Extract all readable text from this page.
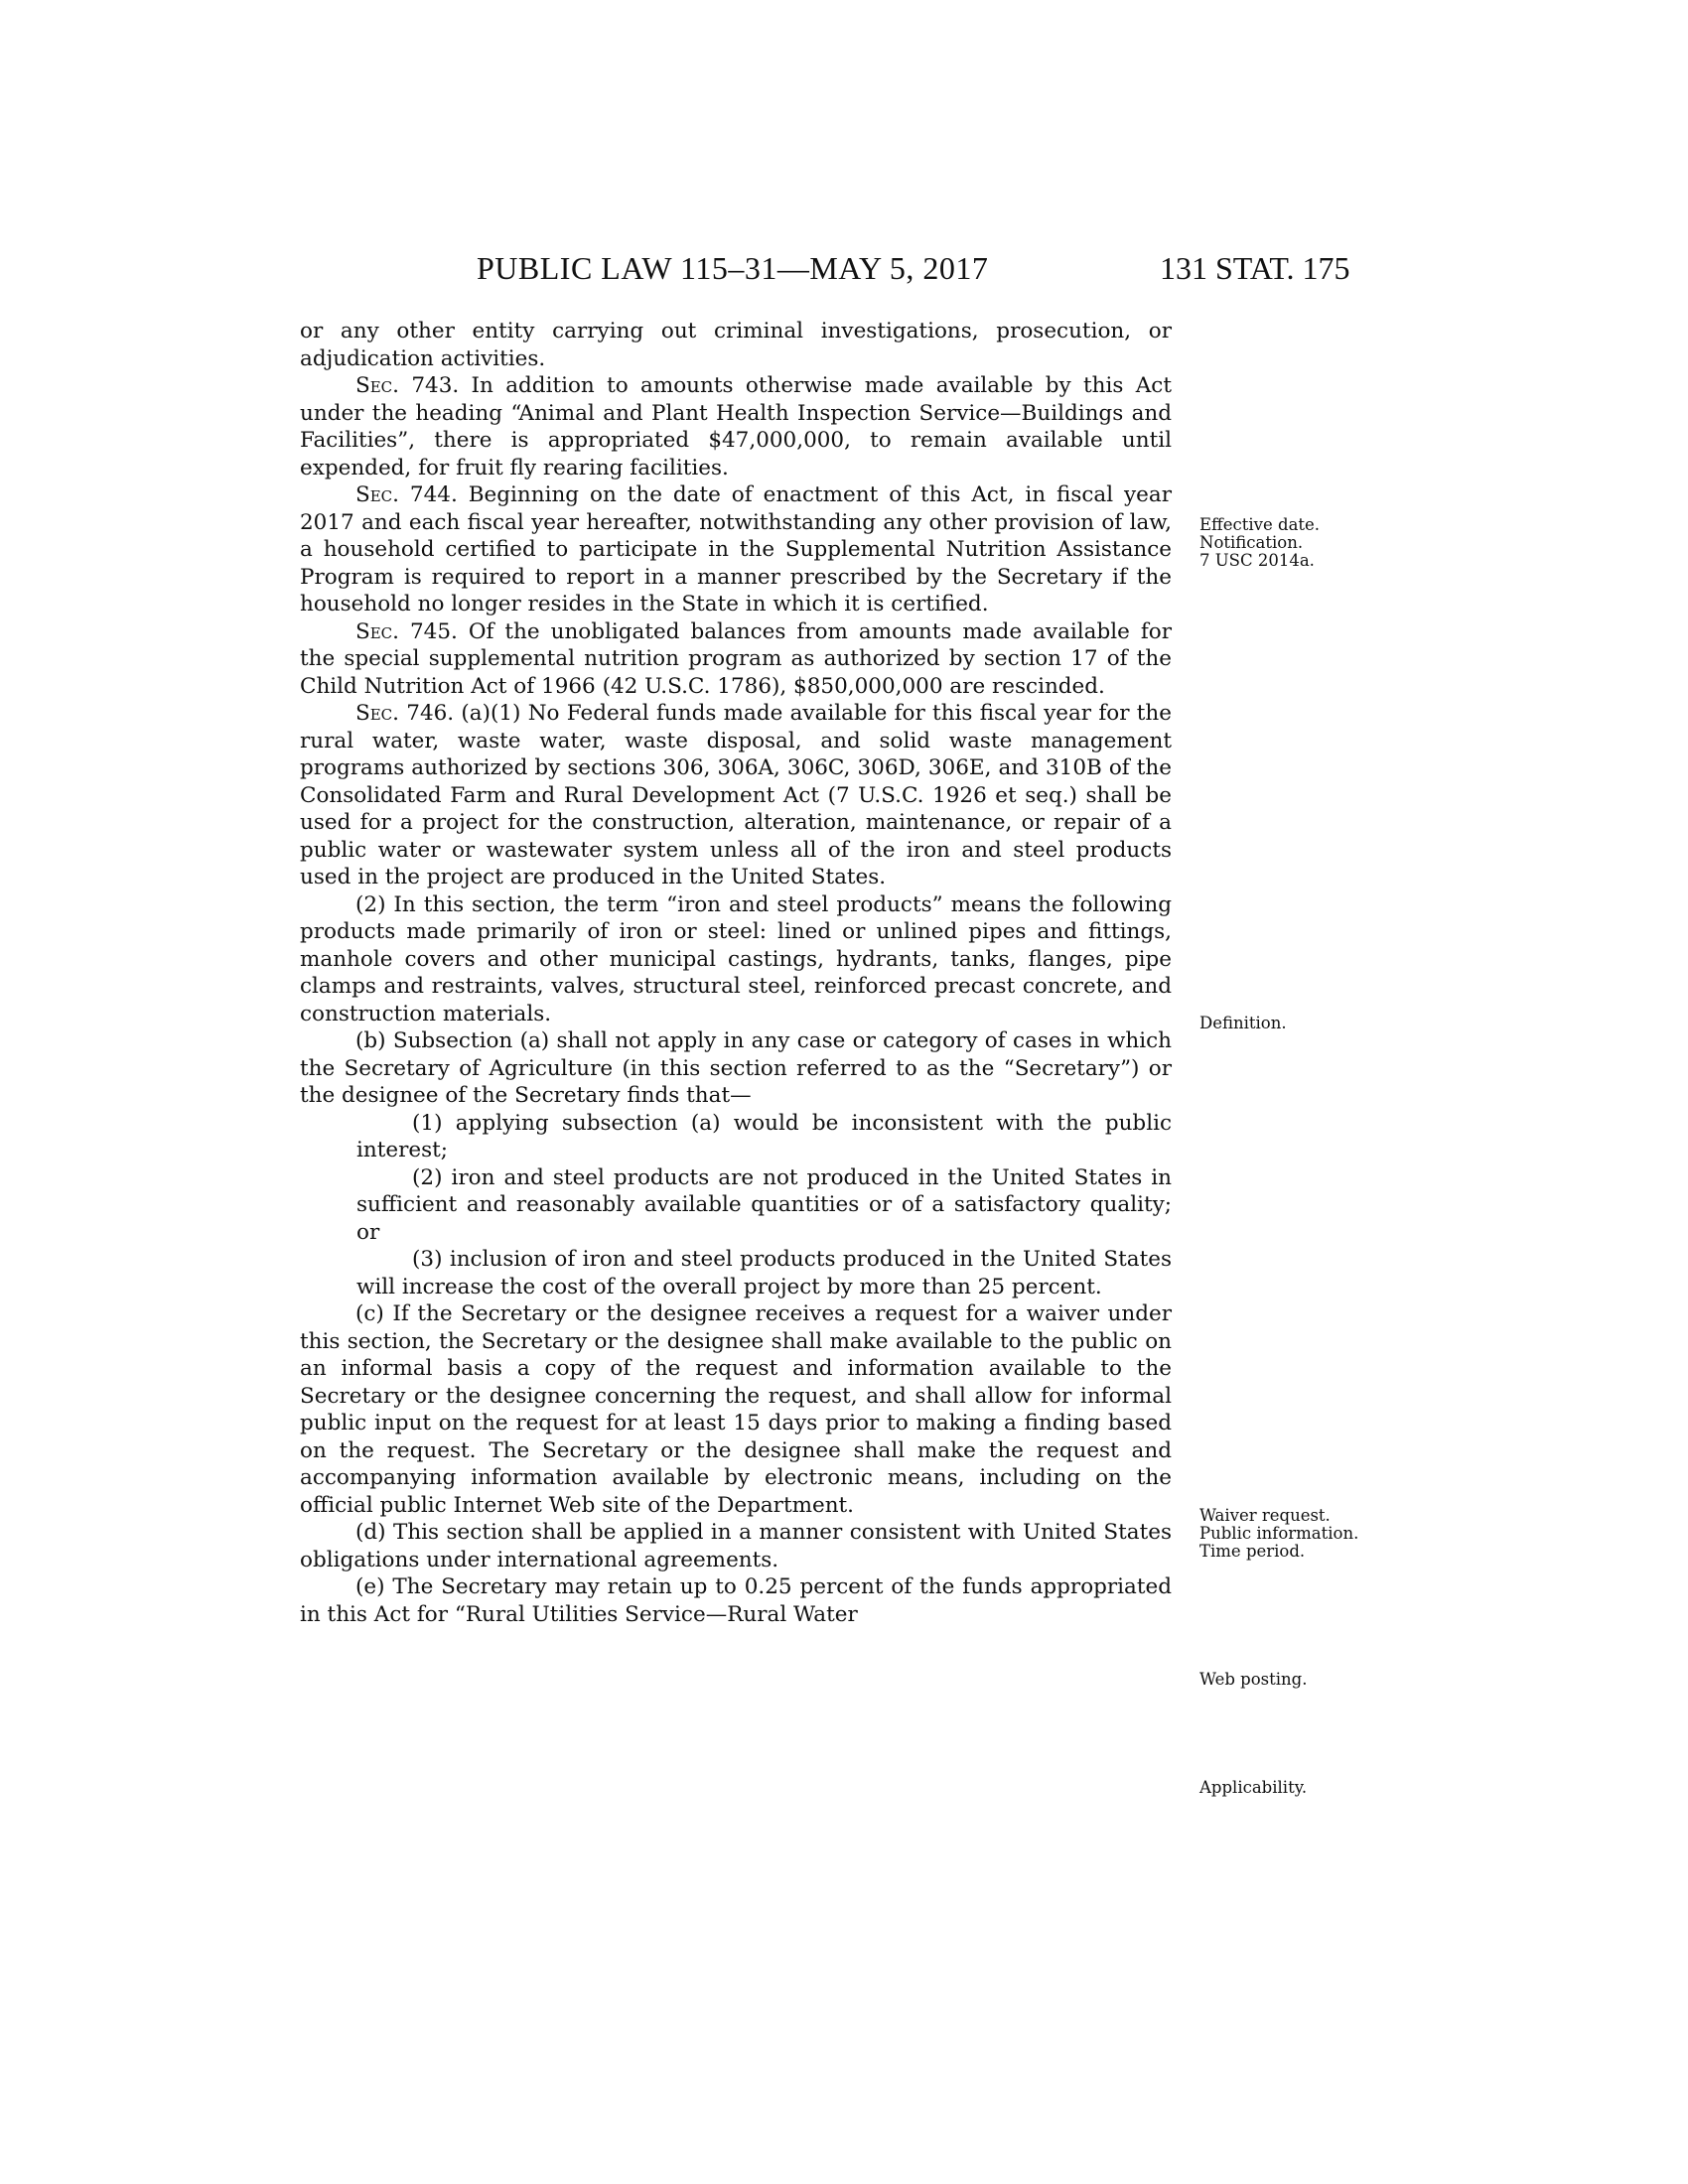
PUBLIC LAW 115–31—MAY 5, 2017	131 STAT. 175

or any other entity carrying out criminal investigations, prosecution, or adjudication activities.

Sec. 743. In addition to amounts otherwise made available by this Act under the heading “Animal and Plant Health Inspection Service—Buildings and Facilities”, there is appropriated $47,000,000, to remain available until expended, for fruit fly rearing facilities.

Sec. 744. Beginning on the date of enactment of this Act, in fiscal year 2017 and each fiscal year hereafter, notwithstanding any other provision of law, a household certified to participate in the Supplemental Nutrition Assistance Program is required to report in a manner prescribed by the Secretary if the household no longer resides in the State in which it is certified.

Sec. 745. Of the unobligated balances from amounts made available for the special supplemental nutrition program as authorized by section 17 of the Child Nutrition Act of 1966 (42 U.S.C. 1786), $850,000,000 are rescinded.

Sec. 746. (a)(1) No Federal funds made available for this fiscal year for the rural water, waste water, waste disposal, and solid waste management programs authorized by sections 306, 306A, 306C, 306D, 306E, and 310B of the Consolidated Farm and Rural Development Act (7 U.S.C. 1926 et seq.) shall be used for a project for the construction, alteration, maintenance, or repair of a public water or wastewater system unless all of the iron and steel products used in the project are produced in the United States.

(2) In this section, the term “iron and steel products” means the following products made primarily of iron or steel: lined or unlined pipes and fittings, manhole covers and other municipal castings, hydrants, tanks, flanges, pipe clamps and restraints, valves, structural steel, reinforced precast concrete, and construction materials.

(b) Subsection (a) shall not apply in any case or category of cases in which the Secretary of Agriculture (in this section referred to as the “Secretary”) or the designee of the Secretary finds that—

(1) applying subsection (a) would be inconsistent with the public interest;

(2) iron and steel products are not produced in the United States in sufficient and reasonably available quantities or of a satisfactory quality; or

(3) inclusion of iron and steel products produced in the United States will increase the cost of the overall project by more than 25 percent.

(c) If the Secretary or the designee receives a request for a waiver under this section, the Secretary or the designee shall make available to the public on an informal basis a copy of the request and information available to the Secretary or the designee concerning the request, and shall allow for informal public input on the request for at least 15 days prior to making a finding based on the request. The Secretary or the designee shall make the request and accompanying information available by electronic means, including on the official public Internet Web site of the Department.

(d) This section shall be applied in a manner consistent with United States obligations under international agreements.

(e) The Secretary may retain up to 0.25 percent of the funds appropriated in this Act for “Rural Utilities Service—Rural Water

Effective date.
Notification.
7 USC 2014a.
Definition.
Waiver request.
Public information.
Time period.
Web posting.
Applicability.
